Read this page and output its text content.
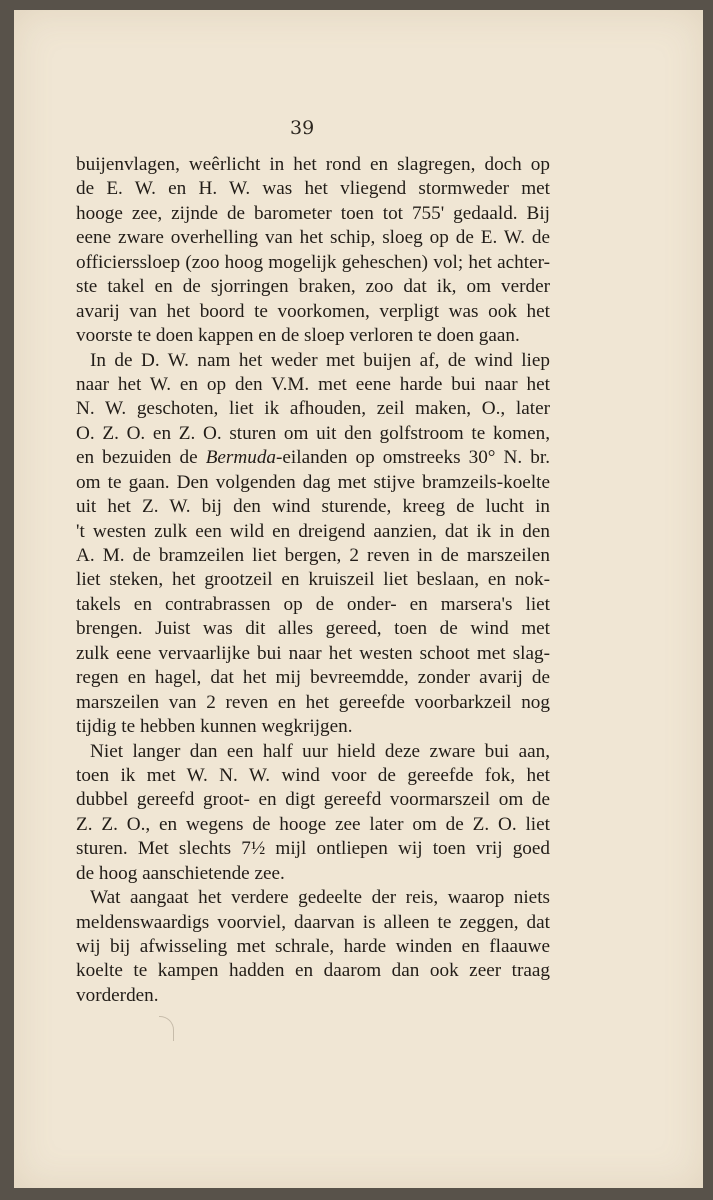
39

buijenvlagen, weêrlicht in het rond en slagregen, doch op
de E. W. en H. W. was het vliegend stormweder met
hooge zee, zijnde de barometer toen tot 755' gedaald. Bij
eene zware overhelling van het schip, sloeg op de E. W. de
officierssloep (zoo hoog mogelijk geheschen) vol; het achter-
ste takel en de sjorringen braken, zoo dat ik, om verder
avarij van het boord te voorkomen, verpligt was ook het
voorste te doen kappen en de sloep verloren te doen gaan.
In de D. W. nam het weder met buijen af, de wind liep
naar het W. en op den V.M. met eene harde bui naar het
N. W. geschoten, liet ik afhouden, zeil maken, O., later
O. Z. O. en Z. O. sturen om uit den golfstroom te komen,
en bezuiden de Bermuda-eilanden op omstreeks 30° N. br.
om te gaan. Den volgenden dag met stijve bramzeils-koelte
uit het Z. W. bij den wind sturende, kreeg de lucht in
't westen zulk een wild en dreigend aanzien, dat ik in den
A. M. de bramzeilen liet bergen, 2 reven in de marszeilen
liet steken, het grootzeil en kruiszeil liet beslaan, en nok-
takels en contrabrassen op de onder- en marsera's liet
brengen. Juist was dit alles gereed, toen de wind met
zulk eene vervaarlijke bui naar het westen schoot met slag-
regen en hagel, dat het mij bevreemdde, zonder avarij de
marszeilen van 2 reven en het gereefde voorbarkzeil nog
tijdig te hebben kunnen wegkrijgen.
Niet langer dan een half uur hield deze zware bui aan,
toen ik met W. N. W. wind voor de gereefde fok, het
dubbel gereefd groot- en digt gereefd voormarszeil om de
Z. Z. O., en wegens de hooge zee later om de Z. O. liet
sturen. Met slechts 7½ mijl ontliepen wij toen vrij goed
de hoog aanschietende zee.
Wat aangaat het verdere gedeelte der reis, waarop niets
meldenswaardigs voorviel, daarvan is alleen te zeggen, dat
wij bij afwisseling met schrale, harde winden en flaauwe
koelte te kampen hadden en daarom dan ook zeer traag
vorderden.
